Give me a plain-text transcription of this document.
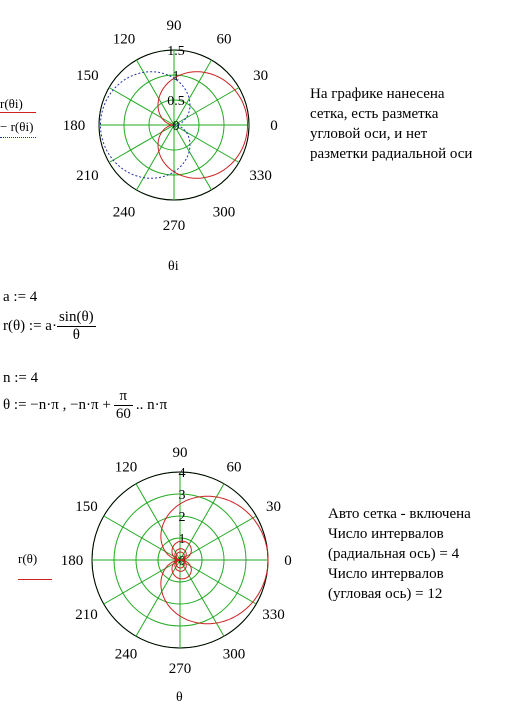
r(θi)
− r(θi)	0
30
60
90
120
150
180
210
240
270
300
330
0
0.5
1
1.5
θi
На графике нанесена
сетка, есть разметка
угловой оси, и нет
разметки радиальной оси
a := 4
r(θ) := $a\cdot \frac{\sin(\theta)}{\theta}$
n := 4
θ := −n·π , $-n\cdot\pi + \frac{\pi}{60}$ .. n·π
r(θ)	0
30
60
90
120
150
180
210
240
270
300
330
0
1
2
3
4
θ
Авто сетка - включена
Число интервалов
(радиальная ось) = 4
Число интервалов
(угловая ось) = 12
